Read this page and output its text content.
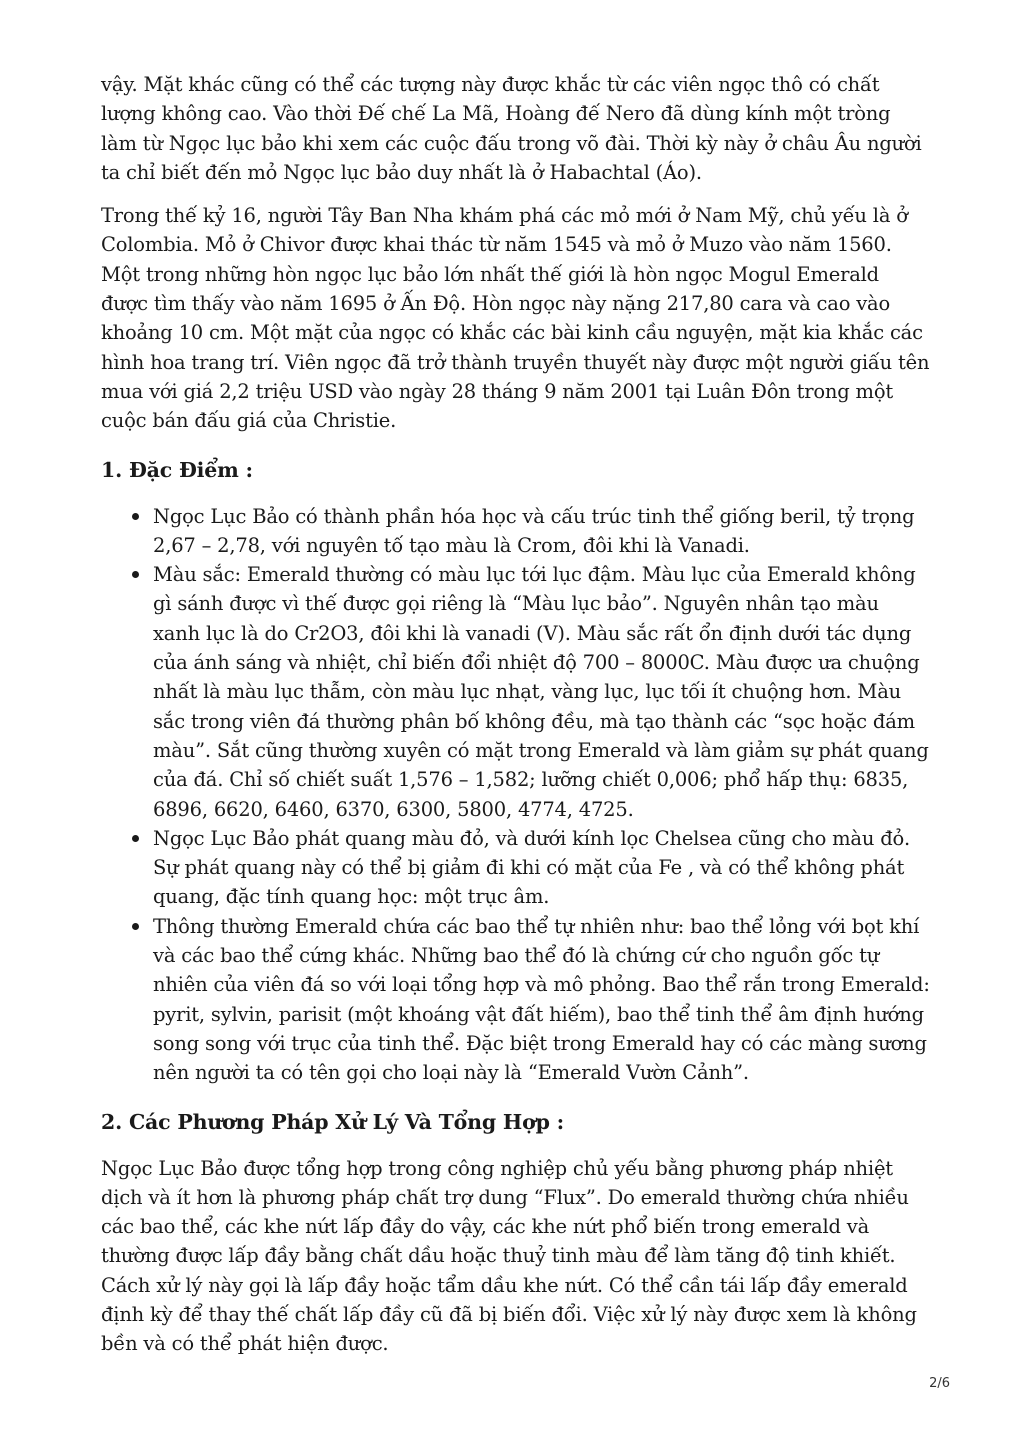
vậy. Mặt khác cũng có thể các tượng này được khắc từ các viên ngọc thô có chất lượng không cao. Vào thời Đế chế La Mã, Hoàng đế Nero đã dùng kính một tròng làm từ Ngọc lục bảo khi xem các cuộc đấu trong võ đài. Thời kỳ này ở châu Âu người ta chỉ biết đến mỏ Ngọc lục bảo duy nhất là ở Habachtal (Áo).

Trong thế kỷ 16, người Tây Ban Nha khám phá các mỏ mới ở Nam Mỹ, chủ yếu là ở Colombia. Mỏ ở Chivor được khai thác từ năm 1545 và mỏ ở Muzo vào năm 1560. Một trong những hòn ngọc lục bảo lớn nhất thế giới là hòn ngọc Mogul Emerald được tìm thấy vào năm 1695 ở Ấn Độ. Hòn ngọc này nặng 217,80 cara và cao vào khoảng 10 cm. Một mặt của ngọc có khắc các bài kinh cầu nguyện, mặt kia khắc các hình hoa trang trí. Viên ngọc đã trở thành truyền thuyết này được một người giấu tên mua với giá 2,2 triệu USD vào ngày 28 tháng 9 năm 2001 tại Luân Đôn trong một cuộc bán đấu giá của Christie.

1. Đặc Điểm :
Ngọc Lục Bảo có thành phần hóa học và cấu trúc tinh thể giống beril, tỷ trọng 2,67 – 2,78, với nguyên tố tạo màu là Crom, đôi khi là Vanadi.
Màu sắc: Emerald thường có màu lục tới lục đậm. Màu lục của Emerald không gì sánh được vì thế được gọi riêng là “Màu lục bảo”. Nguyên nhân tạo màu xanh lục là do Cr2O3, đôi khi là vanadi (V). Màu sắc rất ổn định dưới tác dụng của ánh sáng và nhiệt, chỉ biến đổi nhiệt độ 700 – 8000C. Màu được ưa chuộng nhất là màu lục thẫm, còn màu lục nhạt, vàng lục, lục tối ít chuộng hơn. Màu sắc trong viên đá thường phân bố không đều, mà tạo thành các “sọc hoặc đám màu”. Sắt cũng thường xuyên có mặt trong Emerald và làm giảm sự phát quang của đá. Chỉ số chiết suất 1,576 – 1,582; lưỡng chiết 0,006; phổ hấp thụ: 6835, 6896, 6620, 6460, 6370, 6300, 5800, 4774, 4725.
Ngọc Lục Bảo phát quang màu đỏ, và dưới kính lọc Chelsea cũng cho màu đỏ. Sự phát quang này có thể bị giảm đi khi có mặt của Fe , và có thể không phát quang, đặc tính quang học: một trục âm.
Thông thường Emerald chứa các bao thể tự nhiên như: bao thể lỏng với bọt khí và các bao thể cứng khác. Những bao thể đó là chứng cứ cho nguồn gốc tự nhiên của viên đá so với loại tổng hợp và mô phỏng. Bao thể rắn trong Emerald: pyrit, sylvin, parisit (một khoáng vật đất hiếm), bao thể tinh thể âm định hướng song song với trục của tinh thể. Đặc biệt trong Emerald hay có các màng sương nên người ta có tên gọi cho loại này là “Emerald Vườn Cảnh”.
2. Các Phương Pháp Xử Lý Và Tổng Hợp :

Ngọc Lục Bảo được tổng hợp trong công nghiệp chủ yếu bằng phương pháp nhiệt dịch và ít hơn là phương pháp chất trợ dung “Flux”. Do emerald thường chứa nhiều các bao thể, các khe nứt lấp đầy do vậy, các khe nứt phổ biến trong emerald và thường được lấp đầy bằng chất dầu hoặc thuỷ tinh màu để làm tăng độ tinh khiết. Cách xử lý này gọi là lấp đầy hoặc tẩm dầu khe nứt. Có thể cần tái lấp đầy emerald định kỳ để thay thế chất lấp đầy cũ đã bị biến đổi. Việc xử lý này được xem là không bền và có thể phát hiện được.

2/6
